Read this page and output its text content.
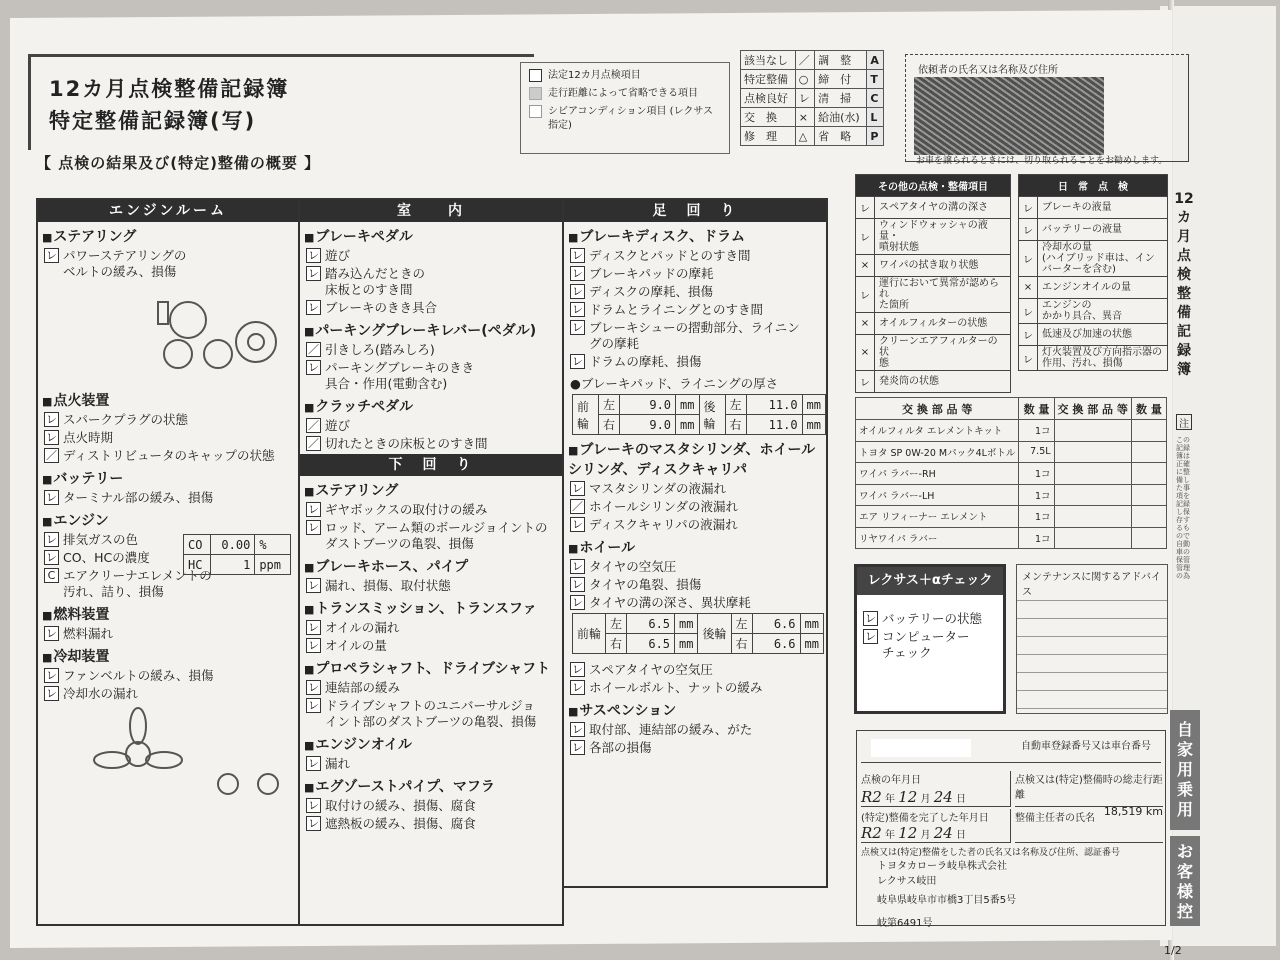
12カ月点検整備記録簿
特定整備記録簿(写)
法定12カ月点検項目
走行距離によって省略できる項目
シビアコンディション項目 (レクサス指定)
該当なし	／	調　整	A
特定整備	○	締　付	T
点検良好	レ	清　掃	C
交　換	×	給油(水)	L
修　理	△	省　略	P
依頼者の氏名又は名称及び住所
お車を譲られるときには、切り取られることをお勧めします。
【 点検の結果及び(特定)整備の概要 】
エンジンルーム
■ ステアリング
レ パワーステアリングの
ベルトの緩み、損傷
■ 点火装置
レ スパークプラグの状態
レ 点火時期
／ ディストリビュータのキャップの状態
■ バッテリー
レ ターミナル部の緩み、損傷
■ エンジン
レ 排気ガスの色
レ CO、HCの濃度
C エアクリーナエレメントの
汚れ、詰り、損傷
CO	0.00	%
HC	1	ppm
■ 燃料装置
レ 燃料漏れ
■ 冷却装置
レ ファンベルトの緩み、損傷
レ 冷却水の漏れ
室　　内
■ ブレーキペダル
レ 遊び
レ 踏み込んだときの
床板とのすき間
レ ブレーキのきき具合
■ パーキングブレーキレバー(ペダル)
／ 引きしろ(踏みしろ)
レ パーキングブレーキのきき
具合・作用(電動含む)
■ クラッチペダル
／ 遊び
／ 切れたときの床板とのすき間
下　回　り
■ ステアリング
レ ギヤボックスの取付けの緩み
レ ロッド、アーム類のボールジョイントの
ダストブーツの亀裂、損傷
■ ブレーキホース、パイプ
レ 漏れ、損傷、取付状態
■ トランスミッション、トランスファ
レ オイルの漏れ
レ オイルの量
■ プロペラシャフト、ドライブシャフト
レ 連結部の緩み
レ ドライブシャフトのユニバーサルジョ
イント部のダストブーツの亀裂、損傷
■ エンジンオイル
レ 漏れ
■ エグゾーストパイプ、マフラ
レ 取付けの緩み、損傷、腐食
レ 遮熱板の緩み、損傷、腐食
足　回　り
■ ブレーキディスク、ドラム
レ ディスクとパッドとのすき間
レ ブレーキパッドの摩耗
レ ディスクの摩耗、損傷
レ ドラムとライニングとのすき間
レ ブレーキシューの摺動部分、ライニン
グの摩耗
レ ドラムの摩耗、損傷
●ブレーキパッド、ライニングの厚さ
前輪	左	9.0	mm	後輪	左	11.0	mm
	右	9.0	mm		右	11.0	mm
■ ブレーキのマスタシリンダ、ホイール
シリンダ、ディスクキャリパ
レ マスタシリンダの液漏れ
／ ホイールシリンダの液漏れ
レ ディスクキャリパの液漏れ
■ ホイール
レ タイヤの空気圧
レ タイヤの亀裂、損傷
レ タイヤの溝の深さ、異状摩耗
前輪	左	6.5	mm	後輪	左	6.6	mm
	右	6.5	mm		右	6.6	mm
レ スペアタイヤの空気圧
レ ホイールボルト、ナットの緩み
■ サスペンション
レ 取付部、連結部の緩み、がた
レ 各部の損傷
その他の点検・整備項目	
レ	スペアタイヤの溝の深さ
レ	ウィンドウォッシャの液量・
噴射状態
×	ワイパの拭き取り状態
レ	運行において異常が認められ
た箇所
×	オイルフィルターの状態
×	クリーンエアフィルターの状
態
レ	発炎筒の状態
日　常　点　検	
レ	ブレーキの液量
レ	バッテリーの液量
レ	冷却水の量
(ハイブリッド車は、インバーターを含む)
×	エンジンオイルの量
レ	エンジンの
かかり具合、異音
レ	低速及び加速の状態
レ	灯火装置及び方向指示器の
作用、汚れ、損傷
12カ月点検整備記録簿
注
この記録簿は正確に整備した事項を記録し保存するもので自動車の保管管理の為
交 換 部 品 等	数 量	交 換 部 品 等	数 量
オイルフィルタ エレメントキット	1コ		
トヨタ SP 0W-20 Mパック4Lボトル	7.5L		
ワイパ ラバー-RH	1コ		
ワイパ ラバー-LH	1コ		
エア リフィーナー エレメント	1コ		
リヤワイパ ラバー	1コ		
レクサス＋αチェック
レ バッテリーの状態
レ コンピューター
チェック
メンテナンスに関するアドバイス
自動車登録番号又は車台番号
点検の年月日
R2 年 12 月 24 日
点検又は(特定)整備時の総走行距離
18,519 km
(特定)整備を完了した年月日
R2 年 12 月 24 日
整備主任者の氏名
点検又は(特定)整備をした者の氏名又は名称及び住所、認証番号
トヨタカローラ岐阜株式会社
レクサス岐田
岐阜県岐阜市市橋3丁目5番5号
岐第6491号
自家用乗用
お客様控
1/2
